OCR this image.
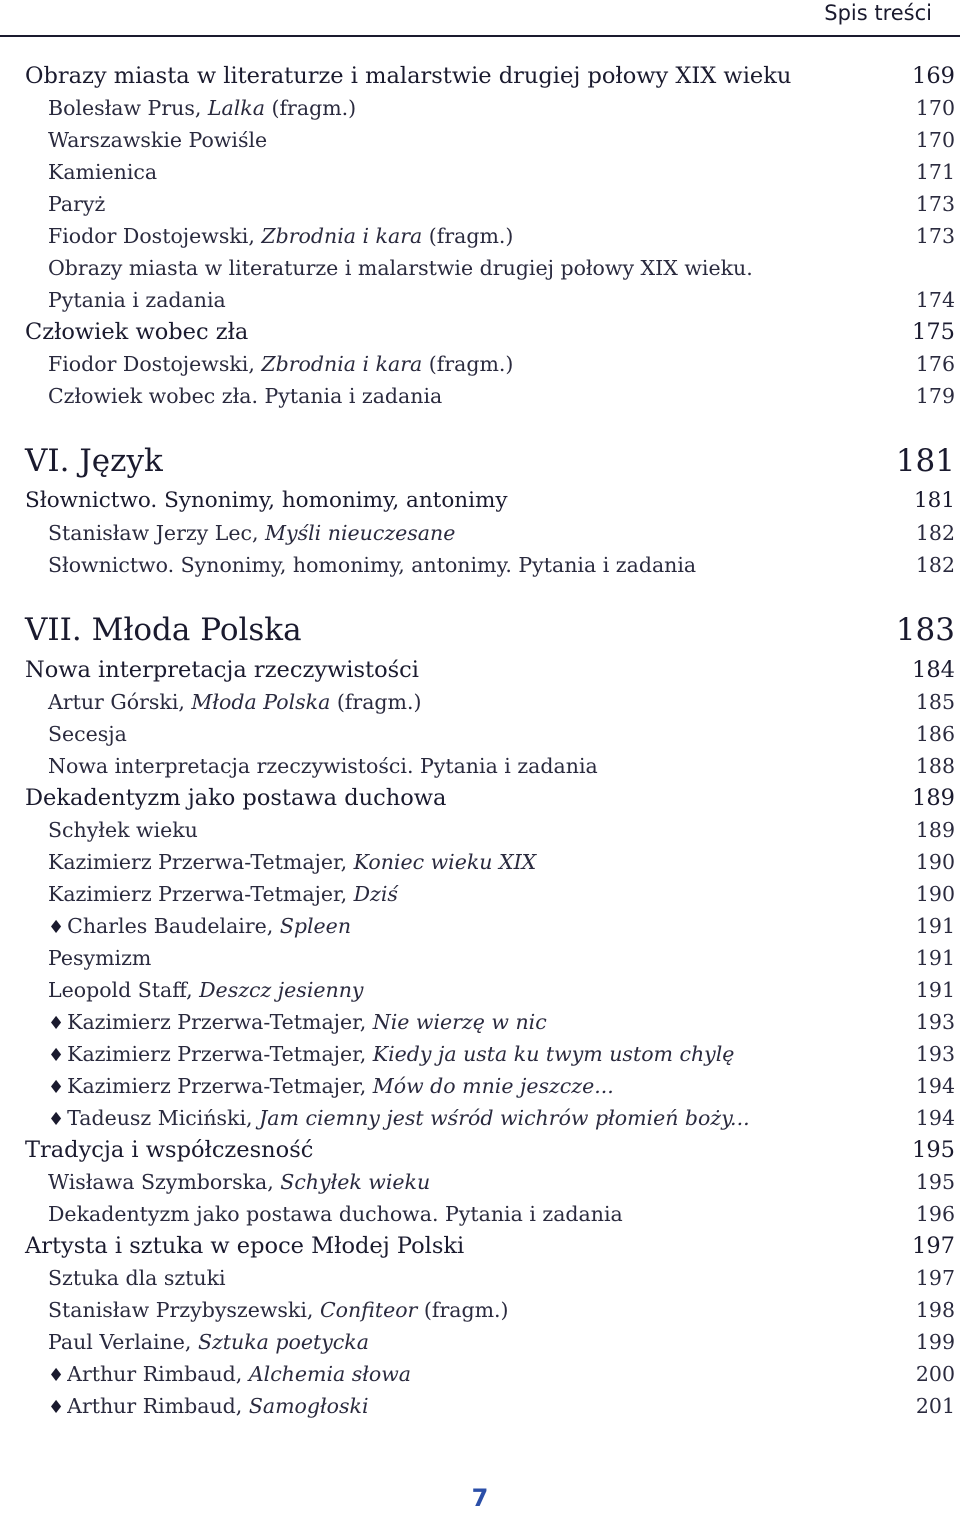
Spis treści
Obrazy miasta w literaturze i malarstwie drugiej połowy XIX wieku	169
Bolesław Prus, Lalka (fragm.)	170
Warszawskie Powiśle	170
Kamienica	171
Paryż	173
Fiodor Dostojewski, Zbrodnia i kara (fragm.)	173
Obrazy miasta w literaturze i malarstwie drugiej połowy XIX wieku.
Pytania i zadania	174
Człowiek wobec zła	175
Fiodor Dostojewski, Zbrodnia i kara (fragm.)	176
Człowiek wobec zła. Pytania i zadania	179
VI. Język	181
Słownictwo. Synonimy, homonimy, antonimy	181
Stanisław Jerzy Lec, Myśli nieuczesane	182
Słownictwo. Synonimy, homonimy, antonimy. Pytania i zadania	182
VII. Młoda Polska	183
Nowa interpretacja rzeczywistości	184
Artur Górski, Młoda Polska (fragm.)	185
Secesja	186
Nowa interpretacja rzeczywistości. Pytania i zadania	188
Dekadentyzm jako postawa duchowa	189
Schyłek wieku	189
Kazimierz Przerwa-Tetmajer, Koniec wieku XIX	190
Kazimierz Przerwa-Tetmajer, Dziś	190
♦ Charles Baudelaire, Spleen	191
Pesymizm	191
Leopold Staff, Deszcz jesienny	191
♦ Kazimierz Przerwa-Tetmajer, Nie wierzę w nic	193
♦ Kazimierz Przerwa-Tetmajer, Kiedy ja usta ku twym ustom chylę	193
♦ Kazimierz Przerwa-Tetmajer, Mów do mnie jeszcze...	194
♦ Tadeusz Miciński, Jam ciemny jest wśród wichrów płomień boży...	194
Tradycja i współczesność	195
Wisława Szymborska, Schyłek wieku	195
Dekadentyzm jako postawa duchowa. Pytania i zadania	196
Artysta i sztuka w epoce Młodej Polski	197
Sztuka dla sztuki	197
Stanisław Przybyszewski, Confiteor (fragm.)	198
Paul Verlaine, Sztuka poetycka	199
♦ Arthur Rimbaud, Alchemia słowa	200
♦ Arthur Rimbaud, Samogłoski	201
7
